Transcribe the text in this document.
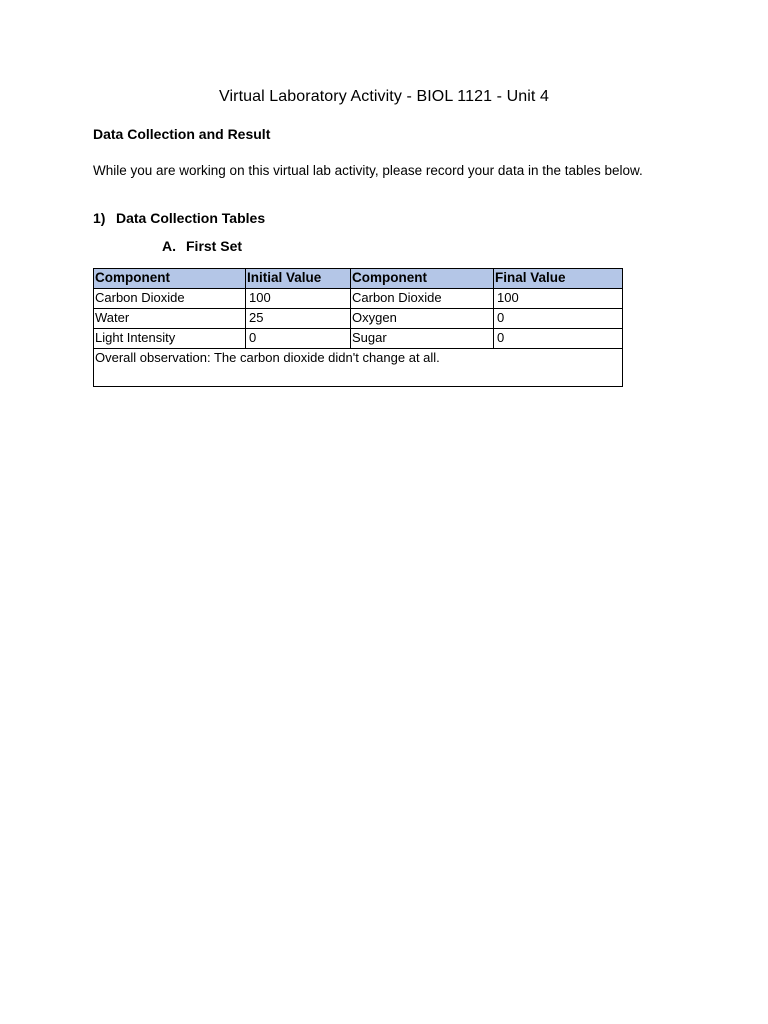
Virtual Laboratory Activity - BIOL 1121 - Unit 4
Data Collection and Result

While you are working on this virtual lab activity, please record your data in the tables below.

1) Data Collection Tables
A. First Set
Component	Initial Value	Component	Final Value
Carbon Dioxide	100	Carbon Dioxide	100
Water	25	Oxygen	0
Light Intensity	0	Sugar	0
Overall observation: The carbon dioxide didn't change at all.			
